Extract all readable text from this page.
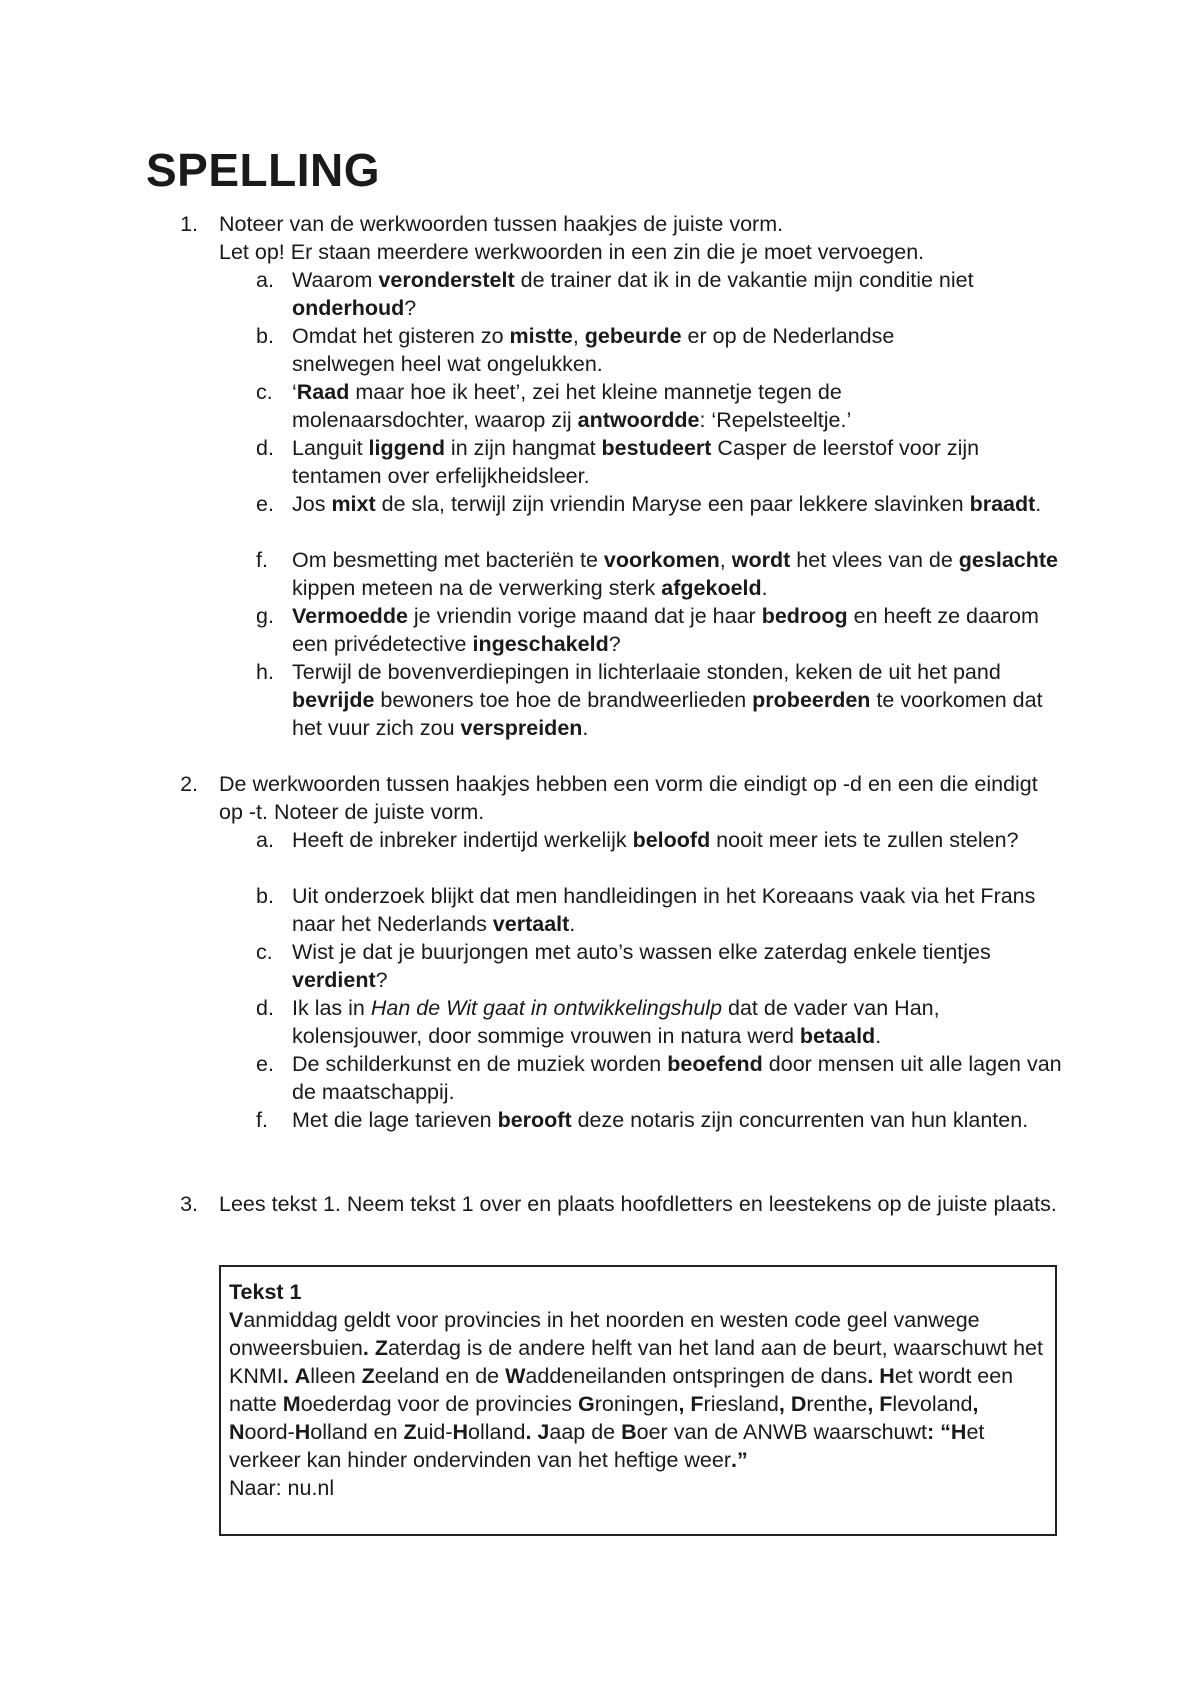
SPELLING
1. Noteer van de werkwoorden tussen haakjes de juiste vorm.
Let op! Er staan meerdere werkwoorden in een zin die je moet vervoegen.
a. Waarom veronderstelt de trainer dat ik in de vakantie mijn conditie niet onderhoud?
b. Omdat het gisteren zo mistte, gebeurde er op de Nederlandse snelwegen heel wat ongelukken.
c. ‘Raad maar hoe ik heet’, zei het kleine mannetje tegen de molenaarsdochter, waarop zij antwoordde: ‘Repelsteeltje.’
d. Languit liggend in zijn hangmat bestudeert Casper de leerstof voor zijn tentamen over erfelijkheidsleer.
e. Jos mixt de sla, terwijl zijn vriendin Maryse een paar lekkere slavinken braadt.
f.	Om besmetting met bacteriën te voorkomen, wordt het vlees van de geslachte kippen meteen na de verwerking sterk afgekoeld.
g. Vermoedde je vriendin vorige maand dat je haar bedroog en heeft ze daarom een privédetective ingeschakeld?
h. Terwijl de bovenverdiepingen in lichterlaaie stonden, keken de uit het pand bevrijde bewoners toe hoe de brandweerlieden probeerden te voorkomen dat het vuur zich zou verspreiden.
2. De werkwoorden tussen haakjes hebben een vorm die eindigt op -d en een die eindigt op -t. Noteer de juiste vorm.
a. Heeft de inbreker indertijd werkelijk beloofd nooit meer iets te zullen stelen?
b. Uit onderzoek blijkt dat men handleidingen in het Koreaans vaak via het Frans naar het Nederlands vertaalt.
c. Wist je dat je buurjongen met auto’s wassen elke zaterdag enkele tientjes verdient?
d. Ik las in Han de Wit gaat in ontwikkelingshulp dat de vader van Han, kolensjouwer, door sommige vrouwen in natura werd betaald.
e. De schilderkunst en de muziek worden beoefend door mensen uit alle lagen van de maatschappij.
f.	Met die lage tarieven berooft deze notaris zijn concurrenten van hun klanten.
3. Lees tekst 1. Neem tekst 1 over en plaats hoofdletters en leestekens op de juiste plaats.
Tekst 1
Vanmiddag geldt voor provincies in het noorden en westen code geel vanwege onweersbuien. Zaterdag is de andere helft van het land aan de beurt, waarschuwt het KNMI. Alleen Zeeland en de Waddeneilanden ontspringen de dans. Het wordt een natte Moederdag voor de provincies Groningen, Friesland, Drenthe, Flevoland, Noord-Holland en Zuid-Holland. Jaap de Boer van de ANWB waarschuwt: “Het verkeer kan hinder ondervinden van het heftige weer.”
Naar: nu.nl
